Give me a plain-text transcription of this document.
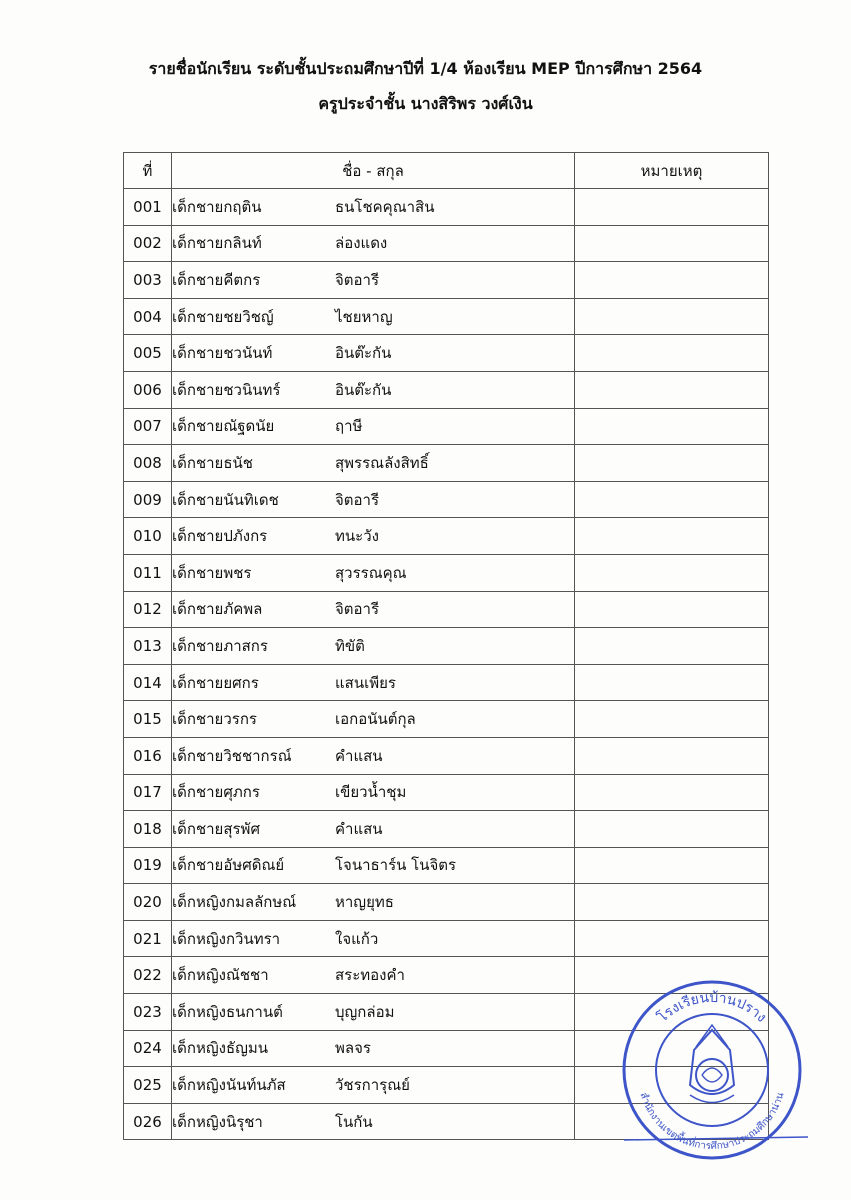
รายชื่อนักเรียน ระดับชั้นประถมศึกษาปีที่ 1/4 ห้องเรียน MEP ปีการศึกษา 2564
ครูประจำชั้น นางสิริพร วงศ์เงิน
ที่	ชื่อ - สกุล	หมายเหตุ
001	เด็กชายกฤติน ธนโชคคุณาสิน	
002	เด็กชายกลินท์ ล่องแดง	
003	เด็กชายคีตกร จิตอารี	
004	เด็กชายชยวิชญ์ ไชยหาญ	
005	เด็กชายชวนันท์ อินต๊ะกัน	
006	เด็กชายชวนินทร์ อินต๊ะกัน	
007	เด็กชายณัฐดนัย ฤาษี	
008	เด็กชายธนัช สุพรรณลังสิทธิ์	
009	เด็กชายนันทิเดช จิตอารี	
010	เด็กชายปภังกร ทนะวัง	
011	เด็กชายพชร สุวรรณคุณ	
012	เด็กชายภัคพล จิตอารี	
013	เด็กชายภาสกร ทิขัติ	
014	เด็กชายยศกร แสนเพียร	
015	เด็กชายวรกร เอกอนันต์กุล	
016	เด็กชายวิชชากรณ์ คำแสน	
017	เด็กชายศุภกร เขียวน้ำชุม	
018	เด็กชายสุรพัศ คำแสน	
019	เด็กชายอัษศดิณย์ โจนาธาร์น โนจิตร	
020	เด็กหญิงกมลลักษณ์ หาญยุทธ	
021	เด็กหญิงกวินทรา ใจแก้ว	
022	เด็กหญิงณัชชา สระทองคำ	
023	เด็กหญิงธนกานต์ บุญกล่อม	
024	เด็กหญิงธัญมน พลจร	
025	เด็กหญิงนันท์นภัส วัชรการุณย์	
026	เด็กหญิงนิรุชา โนกัน	
โรงเรียนบ้านปราง
สำนักงานเขตพื้นที่การศึกษาประถมศึกษาน่าน
